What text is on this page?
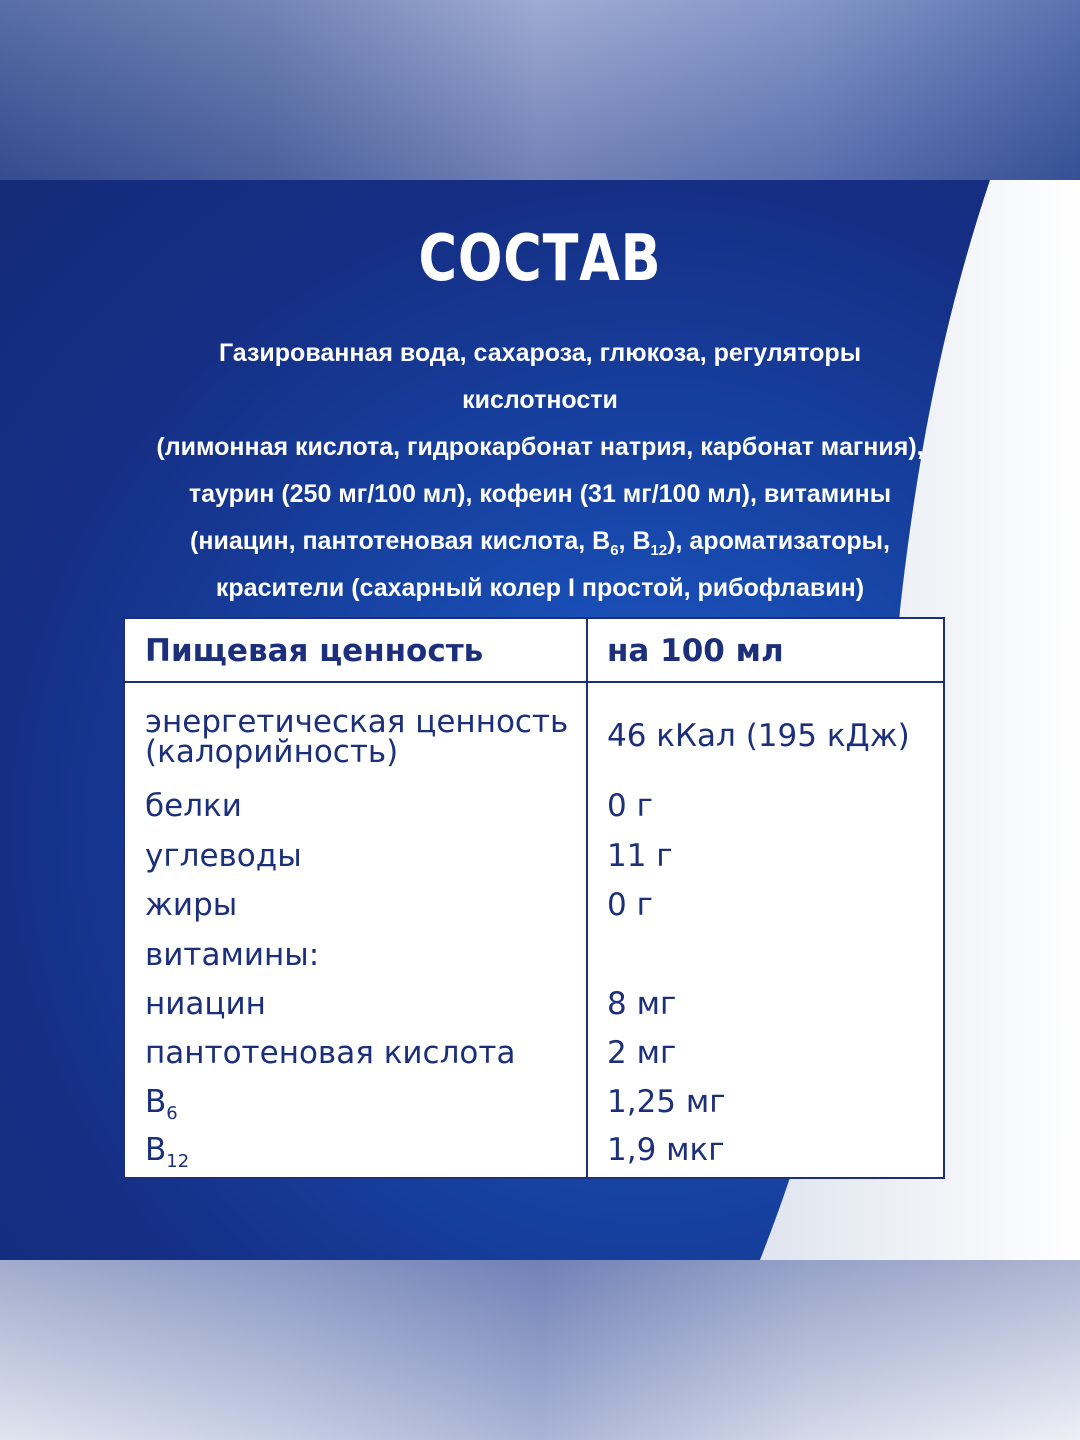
СОСТАВ
Газированная вода, сахароза, глюкоза, регуляторы кислотности
(лимонная кислота, гидрокарбонат натрия, карбонат магния),
таурин (250 мг/100 мл), кофеин (31 мг/100 мл), витамины
(ниацин, пантотеновая кислота, $B_6$, $B_{12}$), ароматизаторы,
красители (сахарный колер I простой, рибофлавин)
Пищевая ценность	на 100 мл
энергетическая ценность (калорийность)	46 кКал (195 кДж)
белки	0 г
углеводы	11 г
жиры	0 г
витамины:
ниацин	8 мг
пантотеновая кислота	2 мг
$B_6$	1,25 мг
$B_{12}$	1,9 мкг
